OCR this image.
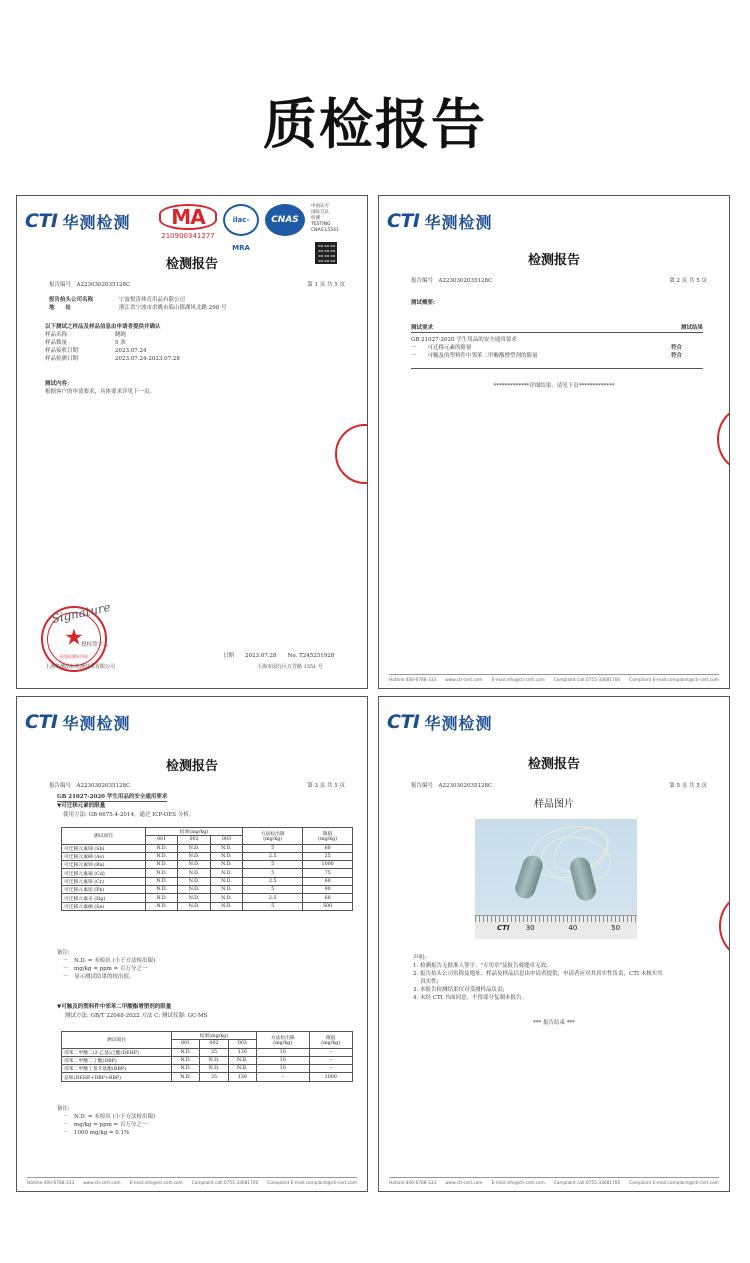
质检报告
CTI 华测检测	MA
210900341277
ilac-MRA
CNAS
中国认可
国际互认
检测
TESTING
CNAS L5541
检测报告
报告编号　 A2230302035128C	第 1 页 共 5 页
报告抬头公司名称	宁波悦涛体育用品有限公司
地　　址	浙江省宁波市余姚市临山镇湖风北路 298 号
以下测试之样品及样品信息由申请者提供并确认
样品名称	跳绳
样品数量	5 条
样品接收日期	2023.07.24
样品检测日期	2023.07.24-2023.07.28
测试内容：
根据客户的申请要求，具体要求详见下一页。
★
检验检测专用章
Signature
授权签字人
日期　　 2023.07.28　　 No. T245251928
上海华测品标检测技术有限公司	上海市闵行区万芳路 1351 号
CTI 华测检测
检测报告
报告编号　 A2230302035128C	第 2 页 共 5 页
测试概要:
测试要求	测试结果
GB 21027-2020 学生用品的安全通用要求
－　　可迁移元素的限量	符合
－　　可触及的塑料件中邻苯二甲酸酯增塑剂的限量	符合
*************详细结果，请见下页*************
Hotline:400-6788-333 www.cti-cert.com E-mail:info@cti-cert.com Complaint call:0755-33681700 Complaint E-mail:complaint@cti-cert.com
CTI 华测检测
检测报告
报告编号　 A2230302035128C	第 3 页 共 5 页
GB 21027-2020 学生用品的安全通用要求
▼可迁移元素的限量
使用方法: GB 6675.4-2014，通过 ICP-OES 分析。
测试项目	结果(mg/kg)			方法检出限
(mg/kg)	限值
(mg/kg)
	001	002	003		
可迁移元素锑 (Sb)	N.D.	N.D.	N.D.	5	60
可迁移元素砷 (As)	N.D.	N.D.	N.D.	2.5	25
可迁移元素钡 (Ba)	N.D.	N.D.	N.D.	5	1000
可迁移元素镉 (Cd)	N.D.	N.D.	N.D.	5	75
可迁移元素铬 (Cr)	N.D.	N.D.	N.D.	2.5	60
可迁移元素铅 (Pb)	N.D.	N.D.	N.D.	5	90
可迁移元素汞 (Hg)	N.D.	N.D.	N.D.	2.5	60
可迁移元素硒 (Se)	N.D.	N.D.	N.D.	5	500
备注:
－　N.D. = 未检出 (小于方法检出限)
－　mg/kg = ppm = 百万分之一
－　显示测试结果的较出值。
▼可触及的塑料件中邻苯二甲酸酯增塑剂的限量
测试方法: GB/T 22048-2022 方法 C; 测试仪器: GC-MS
测试项目	结果(mg/kg)			方法检出限
(mg/kg)	限值
(mg/kg)
	001	002	003		
邻苯二甲酸二(2-乙基)己酯(DEHP)	N.D.	35	130	10	--
邻苯二甲酸二丁酯(DBP)	N.D.	N.D.	N.D.	10	--
邻苯二甲酸丁基苄基酯(BBP)	N.D.	N.D.	N.D.	10	--
总和(DEHP+DBP+BBP)	N.D.	35	130	--	1000
备注:
－　N.D. = 未检出 (小于方法检出限)
－　mg/kg = ppm = 百万分之一
－　1000 mg/kg = 0.1%
Hotline:400-6788-333 www.cti-cert.com E-mail:info@cti-cert.com Complaint call:0755-33681700 Complaint E-mail:complaint@cti-cert.com
CTI 华测检测
检测报告
报告编号　 A2230302035128C	第 5 页 共 5 页
样品图片
CTI 30	40	50
声明:
1. 检测报告无批准人签字、"专用章"及报告骑缝章无效;
2. 报告抬头公司名称及地址、样品及样品信息由申请者提供，申请者应对其真实性负责，CTI 未核实其
　 真实性;
3. 本报告检测结果仅对受测样品负责;
4. 未经 CTI 书面同意，不得部分复制本报告。
*** 报告结束 ***
Hotline:400-6788-333 www.cti-cert.com E-mail:info@cti-cert.com Complaint call:0755-33681700 Complaint E-mail:complaint@cti-cert.com
